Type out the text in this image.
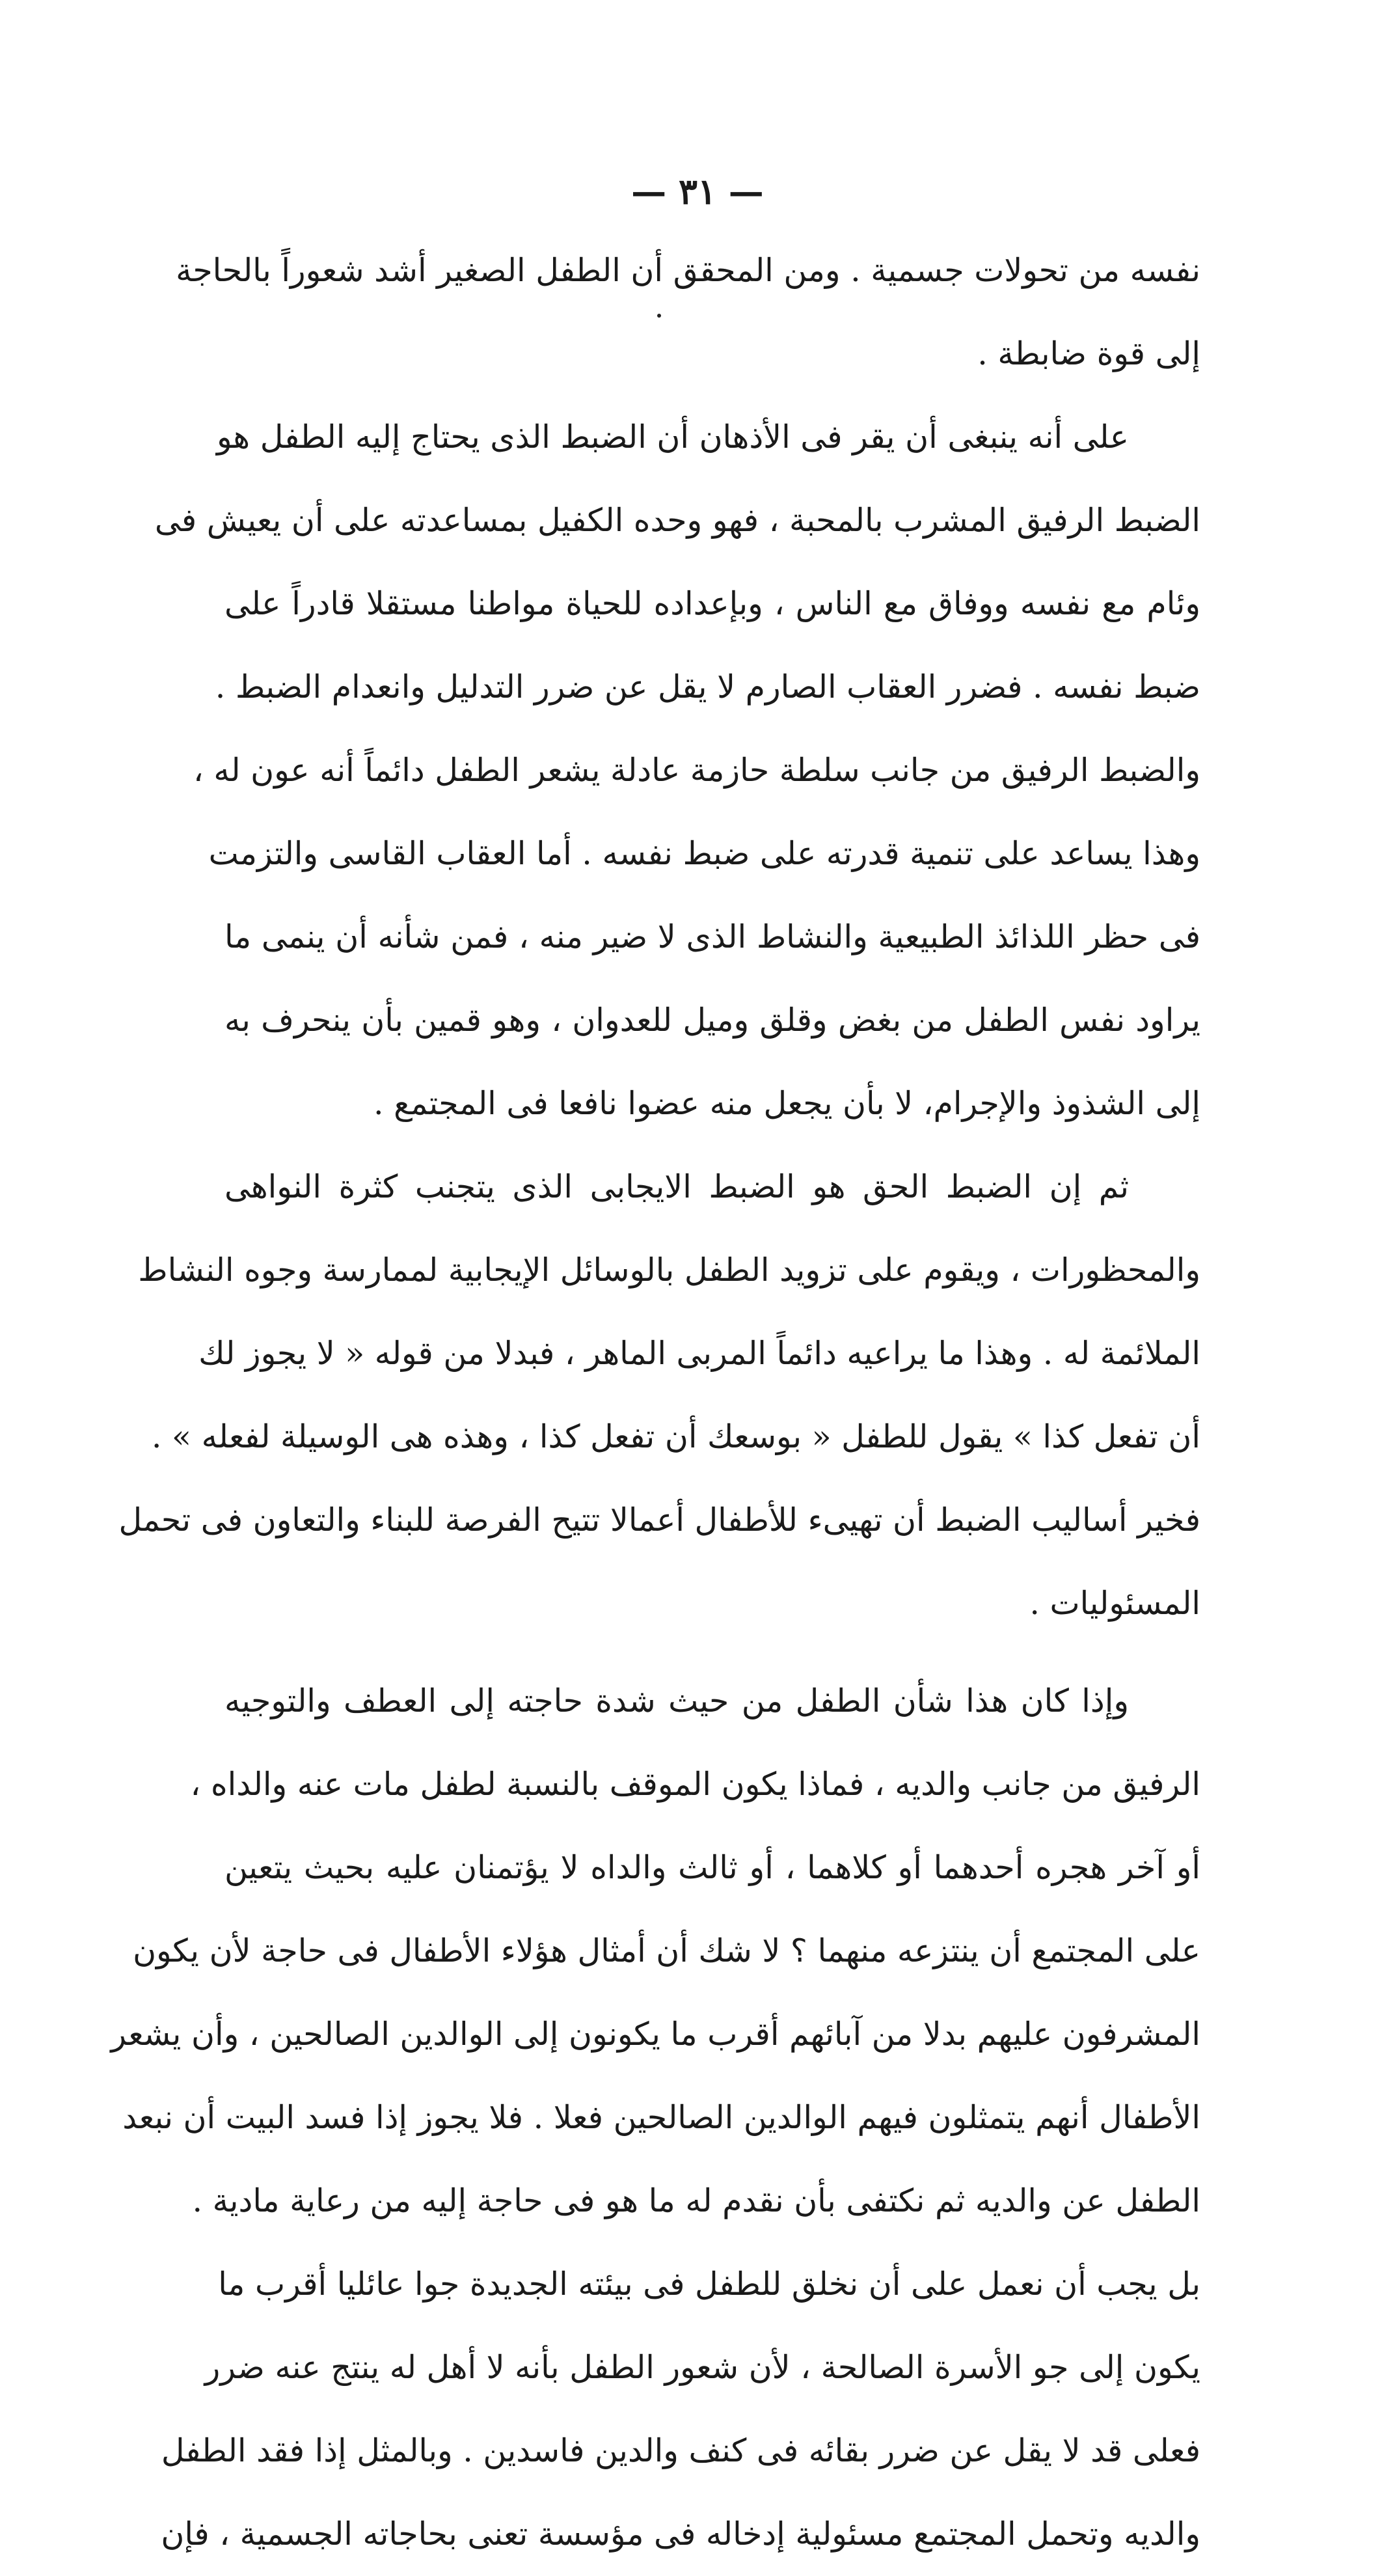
— ٣١ —
نفسه من تحولات جسمية . ومن المحقق أن الطفل الصغير أشد شعوراً بالحاجة
إلى قوة ضابطة .
على أنه ينبغى أن يقر فى الأذهان أن الضبط الذى يحتاج إليه الطفل هو
الضبط الرفيق المشرب بالمحبة ، فهو وحده الكفيل بمساعدته على أن يعيش فى
وئام مع نفسه ووفاق مع الناس ، وبإعداده للحياة مواطنا مستقلا قادراً على
ضبط نفسه . فضرر العقاب الصارم لا يقل عن ضرر التدليل وانعدام الضبط .
والضبط الرفيق من جانب سلطة حازمة عادلة يشعر الطفل دائماً أنه عون له ،
وهذا يساعد على تنمية قدرته على ضبط نفسه . أما العقاب القاسى والتزمت
فى حظر اللذائذ الطبيعية والنشاط الذى لا ضير منه ، فمن شأنه أن ينمى ما
يراود نفس الطفل من بغض وقلق وميل للعدوان ، وهو قمين بأن ينحرف به
إلى الشذوذ والإجرام، لا بأن يجعل منه عضوا نافعا فى المجتمع .
ثم إن الضبط الحق هو الضبط الايجابى الذى يتجنب كثرة النواهى
والمحظورات ، ويقوم على تزويد الطفل بالوسائل الإيجابية لممارسة وجوه النشاط
الملائمة له . وهذا ما يراعيه دائماً المربى الماهر ، فبدلا من قوله « لا يجوز لك
أن تفعل كذا » يقول للطفل « بوسعك أن تفعل كذا ، وهذه هى الوسيلة لفعله » .
فخير أساليب الضبط أن تهيىء للأطفال أعمالا تتيح الفرصة للبناء والتعاون فى تحمل
المسئوليات .
وإذا كان هذا شأن الطفل من حيث شدة حاجته إلى العطف والتوجيه
الرفيق من جانب والديه ، فماذا يكون الموقف بالنسبة لطفل مات عنه والداه ،
أو آخر هجره أحدهما أو كلاهما ، أو ثالث والداه لا يؤتمنان عليه بحيث يتعين
على المجتمع أن ينتزعه منهما ؟ لا شك أن أمثال هؤلاء الأطفال فى حاجة لأن يكون
المشرفون عليهم بدلا من آبائهم أقرب ما يكونون إلى الوالدين الصالحين ، وأن يشعر
الأطفال أنهم يتمثلون فيهم الوالدين الصالحين فعلا . فلا يجوز إذا فسد البيت أن نبعد
الطفل عن والديه ثم نكتفى بأن نقدم له ما هو فى حاجة إليه من رعاية مادية .
بل يجب أن نعمل على أن نخلق للطفل فى بيئته الجديدة جوا عائليا أقرب ما
يكون إلى جو الأسرة الصالحة ، لأن شعور الطفل بأنه لا أهل له ينتج عنه ضرر
فعلى قد لا يقل عن ضرر بقائه فى كنف والدين فاسدين . وبالمثل إذا فقد الطفل
والديه وتحمل المجتمع مسئولية إدخاله فى مؤسسة تعنى بحاجاته الجسمية ، فإن
